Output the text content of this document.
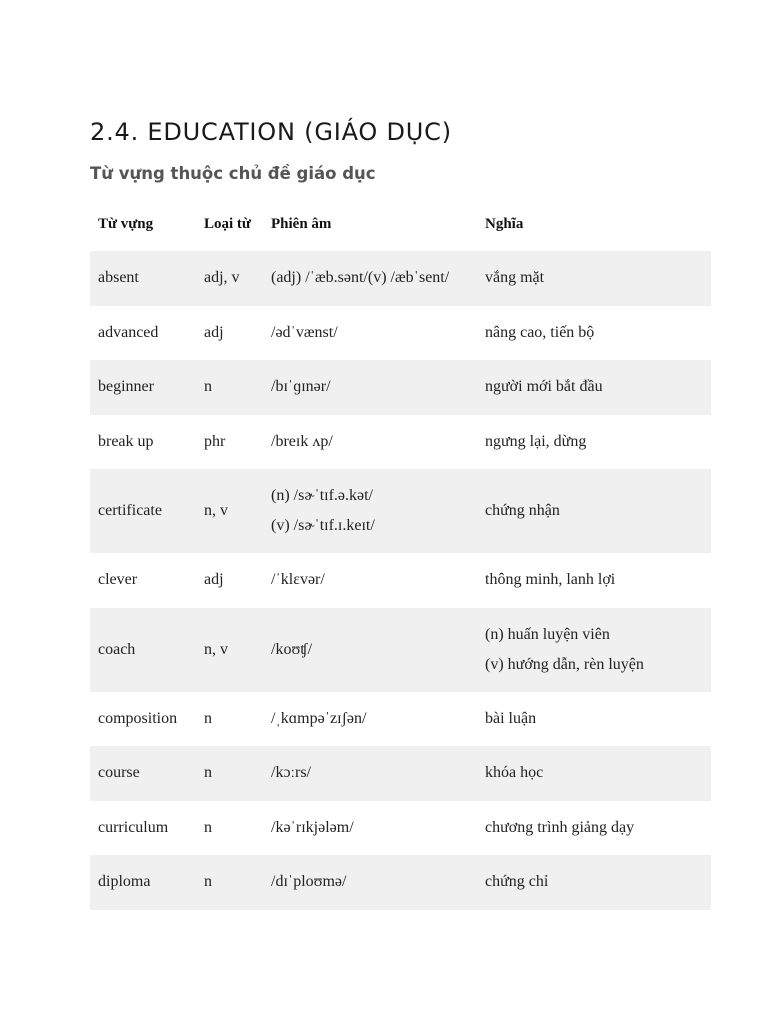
2.4. EDUCATION (GIÁO DỤC)
Từ vựng thuộc chủ đề giáo dục
Từ vựng	Loại từ	Phiên âm	Nghĩa
absent	adj, v	(adj) /ˈæb.sənt/(v) /æbˈsent/	vắng mặt

advanced	adj	/ədˈvænst/	nâng cao, tiến bộ

beginner	n	/bɪˈɡɪnər/	người mới bắt đầu

break up	phr	/breɪk ʌp/	ngưng lại, dừng

certificate	n, v	(n) /sɚˈtɪf.ə.kət/
(v) /sɚˈtɪf.ɪ.keɪt/	chứng nhận

clever	adj	/ˈklɛvər/	thông minh, lanh lợi

coach	n, v	/koʊʧ/	(n) huấn luyện viên
(v) hướng dẫn, rèn luyện

composition	n	/ˌkɑmpəˈzɪʃən/	bài luận

course	n	/kɔːrs/	khóa học

curriculum	n	/kəˈrɪkjələm/	chương trình giảng dạy

diploma	n	/dɪˈploʊmə/	chứng chỉ
